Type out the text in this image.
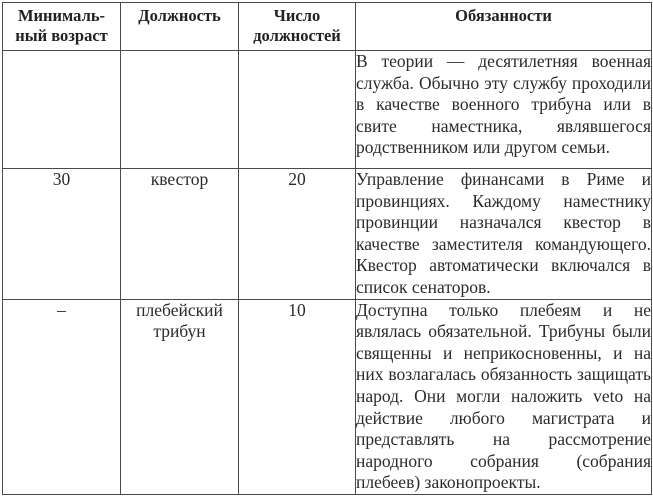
Минималь-ный возраст	Должность	Число должностей	Обязанности
			В теории — десятилетняя военная служба. Обычно эту службу проходили в качестве военного трибуна или в свите наместника, являвшегося родственником или другом семьи.
30	квестор	20	Управление финансами в Риме и провинциях. Каждому наместнику провинции назначался квестор в качестве заместителя командующего. Квестор автоматически включался в список сенаторов.
–	плебейский трибун	10	Доступна только плебеям и не являлась обязательной. Трибуны были священны и неприкосновенны, и на них возлагалась обязанность защищать народ. Они могли наложить veto на действие любого магистрата и представлять на рассмотрение народного собрания (собрания плебеев) законопроекты.
